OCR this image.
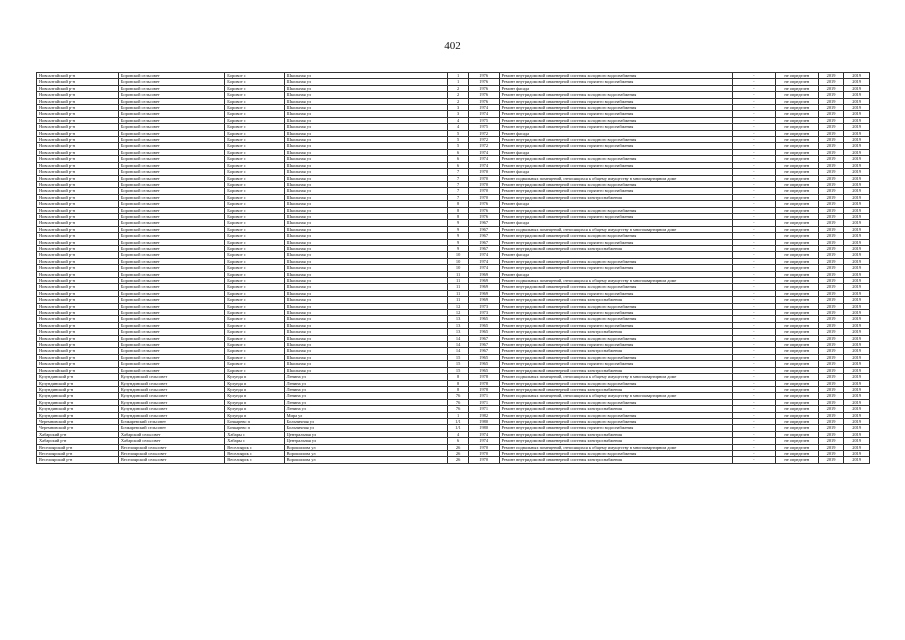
402
Новоалтайский р-н	Боровской сельсовет	Боровое с	Школьная ул	1	1976	Ремонт внутридомовой инженерной системы холодного водоснабжения	-	не определен	2019	2019
Новоалтайский р-н	Боровской сельсовет	Боровое с	Школьная ул	1	1976	Ремонт внутридомовой инженерной системы горячего водоснабжения	-	не определен	2019	2019
Новоалтайский р-н	Боровской сельсовет	Боровое с	Школьная ул	2	1976	Ремонт фасада	-	не определен	2019	2019
Новоалтайский р-н	Боровской сельсовет	Боровое с	Школьная ул	2	1976	Ремонт внутридомовой инженерной системы холодного водоснабжения	-	не определен	2019	2019
Новоалтайский р-н	Боровской сельсовет	Боровое с	Школьная ул	2	1976	Ремонт внутридомовой инженерной системы горячего водоснабжения	-	не определен	2019	2019
Новоалтайский р-н	Боровской сельсовет	Боровое с	Школьная ул	3	1974	Ремонт внутридомовой инженерной системы холодного водоснабжения	-	не определен	2019	2019
Новоалтайский р-н	Боровской сельсовет	Боровое с	Школьная ул	3	1974	Ремонт внутридомовой инженерной системы горячего водоснабжения	-	не определен	2019	2019
Новоалтайский р-н	Боровской сельсовет	Боровое с	Школьная ул	4	1975	Ремонт внутридомовой инженерной системы холодного водоснабжения	-	не определен	2019	2019
Новоалтайский р-н	Боровской сельсовет	Боровое с	Школьная ул	4	1975	Ремонт внутридомовой инженерной системы горячего водоснабжения	-	не определен	2019	2019
Новоалтайский р-н	Боровской сельсовет	Боровое с	Школьная ул	5	1972	Ремонт фасада	-	не определен	2019	2019
Новоалтайский р-н	Боровской сельсовет	Боровое с	Школьная ул	5	1972	Ремонт внутридомовой инженерной системы холодного водоснабжения	-	не определен	2019	2019
Новоалтайский р-н	Боровской сельсовет	Боровое с	Школьная ул	5	1972	Ремонт внутридомовой инженерной системы горячего водоснабжения	-	не определен	2019	2019
Новоалтайский р-н	Боровской сельсовет	Боровое с	Школьная ул	6	1974	Ремонт фасада	-	не определен	2019	2019
Новоалтайский р-н	Боровской сельсовет	Боровое с	Школьная ул	6	1974	Ремонт внутридомовой инженерной системы холодного водоснабжения	-	не определен	2019	2019
Новоалтайский р-н	Боровской сельсовет	Боровое с	Школьная ул	6	1974	Ремонт внутридомовой инженерной системы горячего водоснабжения	-	не определен	2019	2019
Новоалтайский р-н	Боровской сельсовет	Боровое с	Школьная ул	7	1970	Ремонт фасада	-	не определен	2019	2019
Новоалтайский р-н	Боровской сельсовет	Боровое с	Школьная ул	7	1970	Ремонт подвальных помещений, относящихся к общему имуществу в многоквартирном доме	-	не определен	2019	2019
Новоалтайский р-н	Боровской сельсовет	Боровое с	Школьная ул	7	1970	Ремонт внутридомовой инженерной системы холодного водоснабжения	-	не определен	2019	2019
Новоалтайский р-н	Боровской сельсовет	Боровое с	Школьная ул	7	1970	Ремонт внутридомовой инженерной системы горячего водоснабжения	-	не определен	2019	2019
Новоалтайский р-н	Боровской сельсовет	Боровое с	Школьная ул	7	1970	Ремонт внутридомовой инженерной системы электроснабжения	-	не определен	2019	2019
Новоалтайский р-н	Боровской сельсовет	Боровое с	Школьная ул	8	1976	Ремонт фасада	-	не определен	2019	2019
Новоалтайский р-н	Боровской сельсовет	Боровое с	Школьная ул	8	1976	Ремонт внутридомовой инженерной системы холодного водоснабжения	-	не определен	2019	2019
Новоалтайский р-н	Боровской сельсовет	Боровое с	Школьная ул	8	1976	Ремонт внутридомовой инженерной системы горячего водоснабжения	-	не определен	2019	2019
Новоалтайский р-н	Боровской сельсовет	Боровое с	Школьная ул	9	1967	Ремонт фасада	-	не определен	2019	2019
Новоалтайский р-н	Боровской сельсовет	Боровое с	Школьная ул	9	1967	Ремонт подвальных помещений, относящихся к общему имуществу в многоквартирном доме	-	не определен	2019	2019
Новоалтайский р-н	Боровской сельсовет	Боровое с	Школьная ул	9	1967	Ремонт внутридомовой инженерной системы холодного водоснабжения	-	не определен	2019	2019
Новоалтайский р-н	Боровской сельсовет	Боровое с	Школьная ул	9	1967	Ремонт внутридомовой инженерной системы горячего водоснабжения	-	не определен	2019	2019
Новоалтайский р-н	Боровской сельсовет	Боровое с	Школьная ул	9	1967	Ремонт внутридомовой инженерной системы электроснабжения	-	не определен	2019	2019
Новоалтайский р-н	Боровской сельсовет	Боровое с	Школьная ул	10	1974	Ремонт фасада	-	не определен	2019	2019
Новоалтайский р-н	Боровской сельсовет	Боровое с	Школьная ул	10	1974	Ремонт внутридомовой инженерной системы холодного водоснабжения	-	не определен	2019	2019
Новоалтайский р-н	Боровской сельсовет	Боровое с	Школьная ул	10	1974	Ремонт внутридомовой инженерной системы горячего водоснабжения	-	не определен	2019	2019
Новоалтайский р-н	Боровской сельсовет	Боровое с	Школьная ул	11	1969	Ремонт фасада	-	не определен	2019	2019
Новоалтайский р-н	Боровской сельсовет	Боровое с	Школьная ул	11	1969	Ремонт подвальных помещений, относящихся к общему имуществу в многоквартирном доме	-	не определен	2019	2019
Новоалтайский р-н	Боровской сельсовет	Боровое с	Школьная ул	11	1969	Ремонт внутридомовой инженерной системы холодного водоснабжения	-	не определен	2019	2019
Новоалтайский р-н	Боровской сельсовет	Боровое с	Школьная ул	11	1969	Ремонт внутридомовой инженерной системы горячего водоснабжения	-	не определен	2019	2019
Новоалтайский р-н	Боровской сельсовет	Боровое с	Школьная ул	11	1969	Ремонт внутридомовой инженерной системы электроснабжения	-	не определен	2019	2019
Новоалтайский р-н	Боровской сельсовет	Боровое с	Школьная ул	12	1973	Ремонт внутридомовой инженерной системы холодного водоснабжения	-	не определен	2019	2019
Новоалтайский р-н	Боровской сельсовет	Боровое с	Школьная ул	12	1973	Ремонт внутридомовой инженерной системы горячего водоснабжения	-	не определен	2019	2019
Новоалтайский р-н	Боровской сельсовет	Боровое с	Школьная ул	13	1965	Ремонт внутридомовой инженерной системы холодного водоснабжения	-	не определен	2019	2019
Новоалтайский р-н	Боровской сельсовет	Боровое с	Школьная ул	13	1965	Ремонт внутридомовой инженерной системы горячего водоснабжения	-	не определен	2019	2019
Новоалтайский р-н	Боровской сельсовет	Боровое с	Школьная ул	13	1965	Ремонт внутридомовой инженерной системы электроснабжения	-	не определен	2019	2019
Новоалтайский р-н	Боровской сельсовет	Боровое с	Школьная ул	14	1967	Ремонт внутридомовой инженерной системы холодного водоснабжения	-	не определен	2019	2019
Новоалтайский р-н	Боровской сельсовет	Боровое с	Школьная ул	14	1967	Ремонт внутридомовой инженерной системы горячего водоснабжения	-	не определен	2019	2019
Новоалтайский р-н	Боровской сельсовет	Боровое с	Школьная ул	14	1967	Ремонт внутридомовой инженерной системы электроснабжения	-	не определен	2019	2019
Новоалтайский р-н	Боровской сельсовет	Боровое с	Школьная ул	15	1965	Ремонт внутридомовой инженерной системы холодного водоснабжения	-	не определен	2019	2019
Новоалтайский р-н	Боровской сельсовет	Боровое с	Школьная ул	15	1965	Ремонт внутридомовой инженерной системы горячего водоснабжения	-	не определен	2019	2019
Новоалтайский р-н	Боровской сельсовет	Боровое с	Школьная ул	15	1965	Ремонт внутридомовой инженерной системы электроснабжения	-	не определен	2019	2019
Кулундинский р-н	Кулундинский сельсовет	Кулунда п	Ленина ул	8	1978	Ремонт подвальных помещений, относящихся к общему имуществу в многоквартирном доме	-	не определен	2019	2019
Кулундинский р-н	Кулундинский сельсовет	Кулунда п	Ленина ул	8	1978	Ремонт внутридомовой инженерной системы холодного водоснабжения	-	не определен	2019	2019
Кулундинский р-н	Кулундинский сельсовет	Кулунда п	Ленина ул	8	1978	Ремонт внутридомовой инженерной системы электроснабжения	-	не определен	2019	2019
Кулундинский р-н	Кулундинский сельсовет	Кулунда п	Ленина ул	76	1971	Ремонт подвальных помещений, относящихся к общему имуществу в многоквартирном доме	-	не определен	2019	2019
Кулундинский р-н	Кулундинский сельсовет	Кулунда п	Ленина ул	76	1971	Ремонт внутридомовой инженерной системы холодного водоснабжения	-	не определен	2019	2019
Кулундинский р-н	Кулундинский сельсовет	Кулунда п	Ленина ул	76	1971	Ремонт внутридомовой инженерной системы электроснабжения	-	не определен	2019	2019
Кулундинский р-н	Кулундинский сельсовет	Кулунда п	Мира ул	1	1982	Ремонт внутридомовой инженерной системы холодного водоснабжения	-	не определен	2019	2019
Черемновский р-н	Бочкаревский сельсовет	Бочкарево п	Больничная ул	1/1	1980	Ремонт внутридомовой инженерной системы холодного водоснабжения	-	не определен	2019	2019
Черемновский р-н	Бочкаревский сельсовет	Бочкарево п	Больничная ул	1/1	1980	Ремонт внутридомовой инженерной системы горячего водоснабжения	-	не определен	2019	2019
Хабарский р-н	Хабарский сельсовет	Хабары с	Центральная ул	4	1974	Ремонт внутридомовой инженерной системы электроснабжения	-	не определен	2019	2019
Хабарский р-н	Хабарский сельсовет	Хабары с	Центральная ул	6	1974	Ремонт внутридомовой инженерной системы электроснабжения	-	не определен	2019	2019
Веселоярский р-н	Веселоярский сельсовет	Веселоярск с	Ворошилова ул	26	1970	Ремонт подвальных помещений, относящихся к общему имуществу в многоквартирном доме	-	не определен	2019	2019
Веселоярский р-н	Веселоярский сельсовет	Веселоярск с	Ворошилова ул	26	1970	Ремонт внутридомовой инженерной системы холодного водоснабжения	-	не определен	2019	2019
Веселоярский р-н	Веселоярский сельсовет	Веселоярск с	Ворошилова ул	26	1970	Ремонт внутридомовой инженерной системы электроснабжения	-	не определен	2019	2019
